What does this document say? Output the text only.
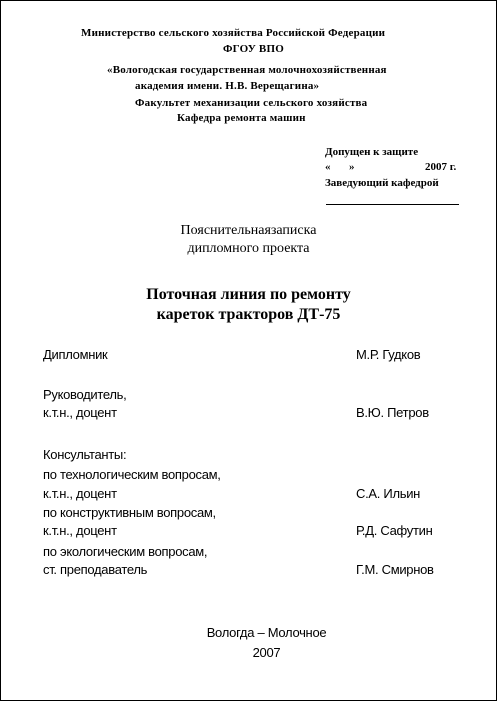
Министерство сельского хозяйства Российской Федерации
ФГОУ ВПО
«Вологодская государственная молочнохозяйственная
академия имени. Н.В. Верещагина»
Факультет механизации сельского хозяйства
Кафедра ремонта машин
Допущен к защите
« »	2007 г.
Заведующий кафедрой
Пояснительнаязаписка
дипломного проекта
Поточная линия по ремонту
кареток тракторов ДТ-75
Дипломник	М.Р. Гудков
Руководитель,
к.т.н., доцент	В.Ю. Петров
Консультанты:
по технологическим вопросам,
к.т.н., доцент	С.А. Ильин
по конструктивным вопросам,
к.т.н., доцент	Р.Д. Сафутин
по экологическим вопросам,
ст. преподаватель	Г.М. Смирнов
Вологда – Молочное
2007
